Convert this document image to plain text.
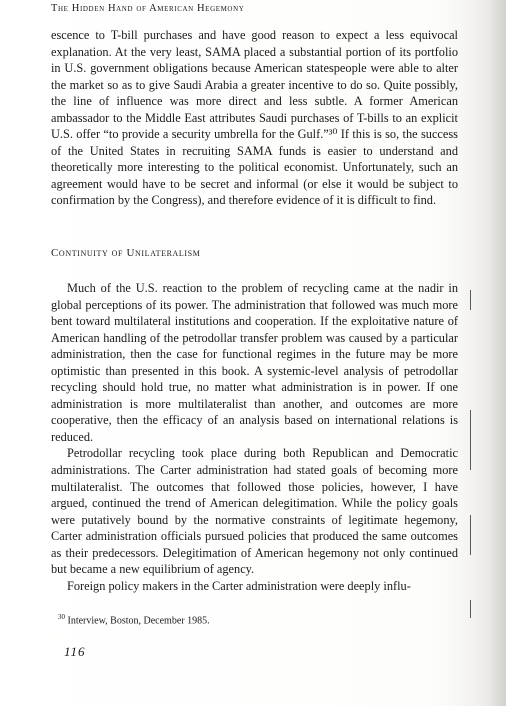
The Hidden Hand of American Hegemony

escence to T-bill purchases and have good reason to expect a less equivocal explanation. At the very least, SAMA placed a substantial portion of its portfolio in U.S. government obligations because American statespeople were able to alter the market so as to give Saudi Arabia a greater incentive to do so. Quite possibly, the line of influence was more direct and less subtle. A former American ambassador to the Middle East attributes Saudi purchases of T-bills to an explicit U.S. offer “to provide a security umbrella for the Gulf.”³⁰ If this is so, the success of the United States in recruiting SAMA funds is easier to understand and theoretically more interesting to the political economist. Unfortunately, such an agreement would have to be secret and informal (or else it would be subject to confirmation by the Congress), and therefore evidence of it is difficult to find.

Continuity of Unilateralism

Much of the U.S. reaction to the problem of recycling came at the nadir in global perceptions of its power. The administration that followed was much more bent toward multilateral institutions and cooperation. If the exploitative nature of American handling of the petrodollar transfer problem was caused by a particular administration, then the case for functional regimes in the future may be more optimistic than presented in this book. A systemic-level analysis of petrodollar recycling should hold true, no matter what administration is in power. If one administration is more multilateralist than another, and outcomes are more cooperative, then the efficacy of an analysis based on international relations is reduced.

Petrodollar recycling took place during both Republican and Democratic administrations. The Carter administration had stated goals of becoming more multilateralist. The outcomes that followed those policies, however, I have argued, continued the trend of American delegitimation. While the policy goals were putatively bound by the normative constraints of legitimate hegemony, Carter administration officials pursued policies that produced the same outcomes as their predecessors. Delegitimation of American hegemony not only continued but became a new equilibrium of agency.

Foreign policy makers in the Carter administration were deeply influ-

$^{30}$ Interview, Boston, December 1985.
116
